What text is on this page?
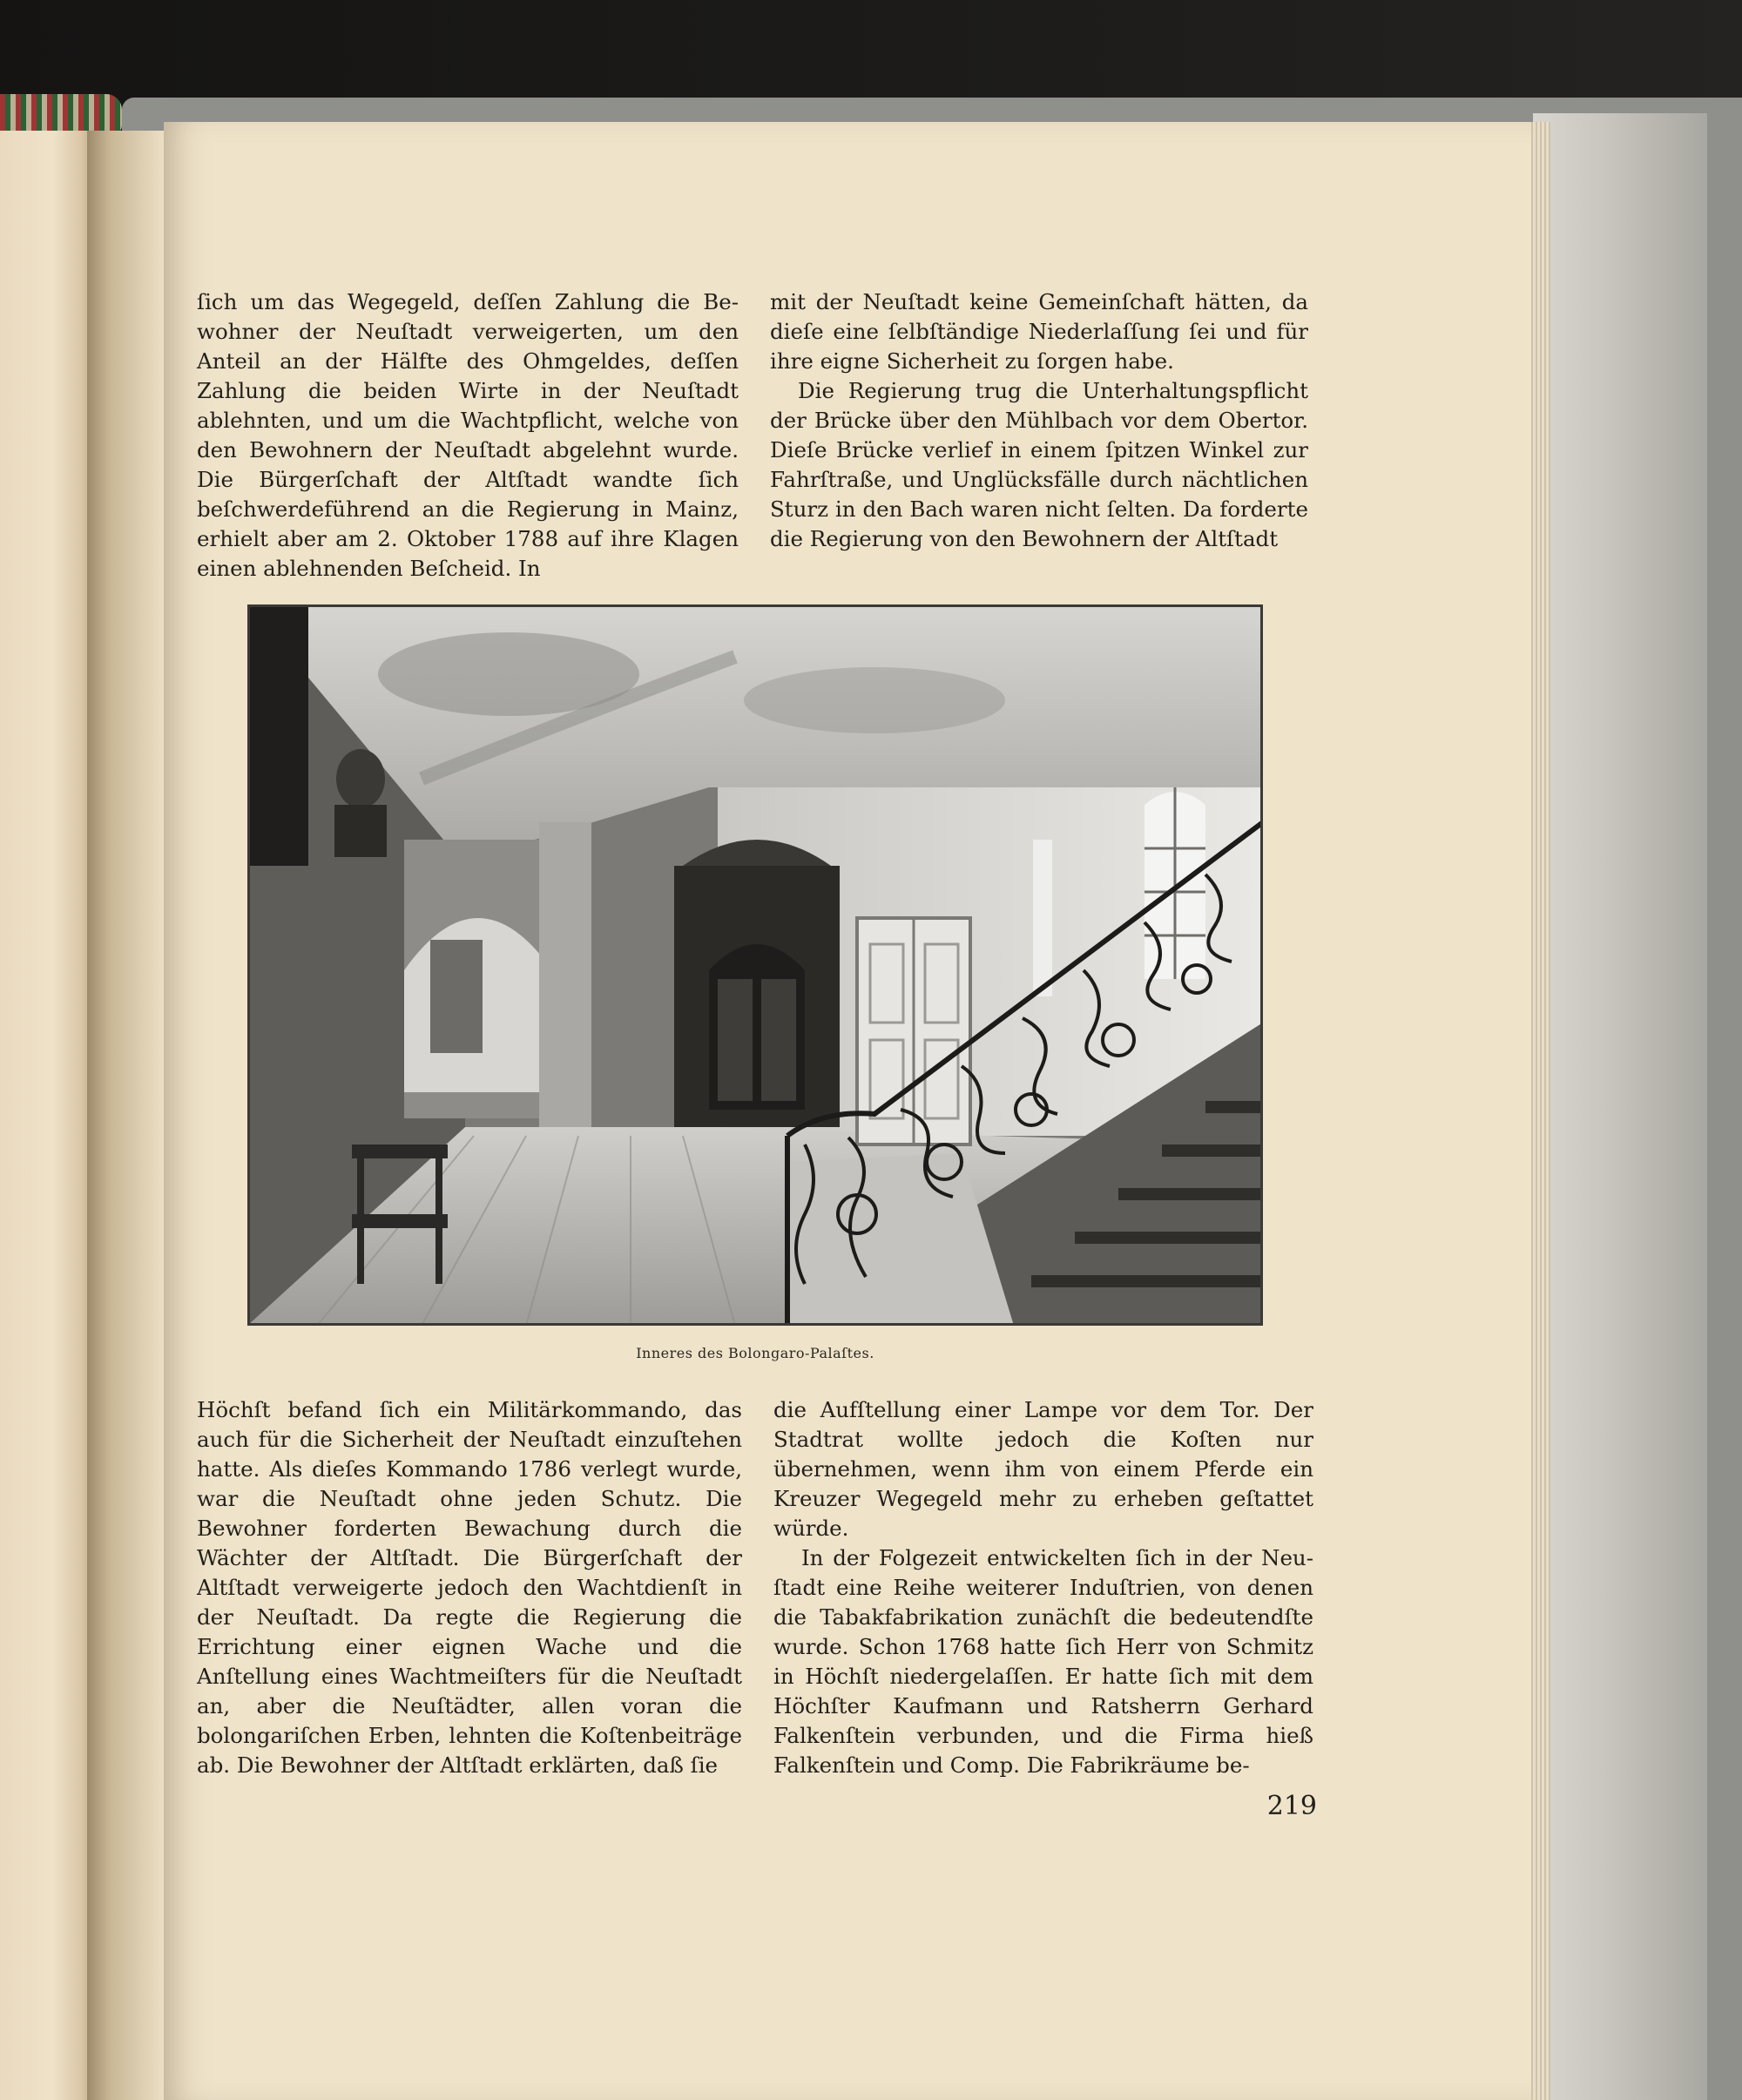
ſich um das Wegegeld, deſſen Zahlung die Bewohner der Neuſtadt verweigerten, um den Anteil an der Hälfte des Ohmgeldes, deſſen Zahlung die beiden Wirte in der Neuſtadt ablehnten, und um die Wachtpflicht, welche von den Bewohnern der Neuſtadt abgelehnt wurde. Die Bürgerſchaft der Altſtadt wandte ſich beſchwerdeführend an die Regierung in Mainz, erhielt aber am 2. Oktober 1788 auf ihre Klagen einen ablehnenden Beſcheid. In

mit der Neuſtadt keine Gemeinſchaft hätten, da dieſe eine ſelbſtändige Niederlaſſung ſei und für ihre eigne Sicherheit zu ſorgen habe.

Die Regierung trug die Unterhaltungspflicht der Brücke über den Mühlbach vor dem Obertor. Dieſe Brücke verlief in einem ſpitzen Winkel zur Fahrſtraße, und Unglücksfälle durch nächtlichen Sturz in den Bach waren nicht ſelten. Da forderte die Regierung von den Bewohnern der Altſtadt

Inneres des Bolongaro-Palaſtes.

Höchſt befand ſich ein Militärkommando, das auch für die Sicherheit der Neuſtadt einzuſtehen hatte. Als dieſes Kommando 1786 verlegt wurde, war die Neuſtadt ohne jeden Schutz. Die Bewohner forderten Bewachung durch die Wächter der Altſtadt. Die Bürgerſchaft der Altſtadt verweigerte jedoch den Wachtdienſt in der Neuſtadt. Da regte die Regierung die Errichtung einer eignen Wache und die Anſtellung eines Wachtmeiſters für die Neuſtadt an, aber die Neuſtädter, allen voran die bolongariſchen Erben, lehnten die Koſtenbeiträge ab. Die Bewohner der Altſtadt erklärten, daß ſie

die Aufſtellung einer Lampe vor dem Tor. Der Stadtrat wollte jedoch die Koſten nur übernehmen, wenn ihm von einem Pferde ein Kreuzer Wegegeld mehr zu erheben geſtattet würde.

In der Folgezeit entwickelten ſich in der Neuſtadt eine Reihe weiterer Induſtrien, von denen die Tabakfabrikation zunächſt die bedeutendſte wurde. Schon 1768 hatte ſich Herr von Schmitz in Höchſt niedergelaſſen. Er hatte ſich mit dem Höchſter Kaufmann und Ratsherrn Gerhard Falkenſtein verbunden, und die Firma hieß Falkenſtein und Comp. Die Fabrikräume be-

219
